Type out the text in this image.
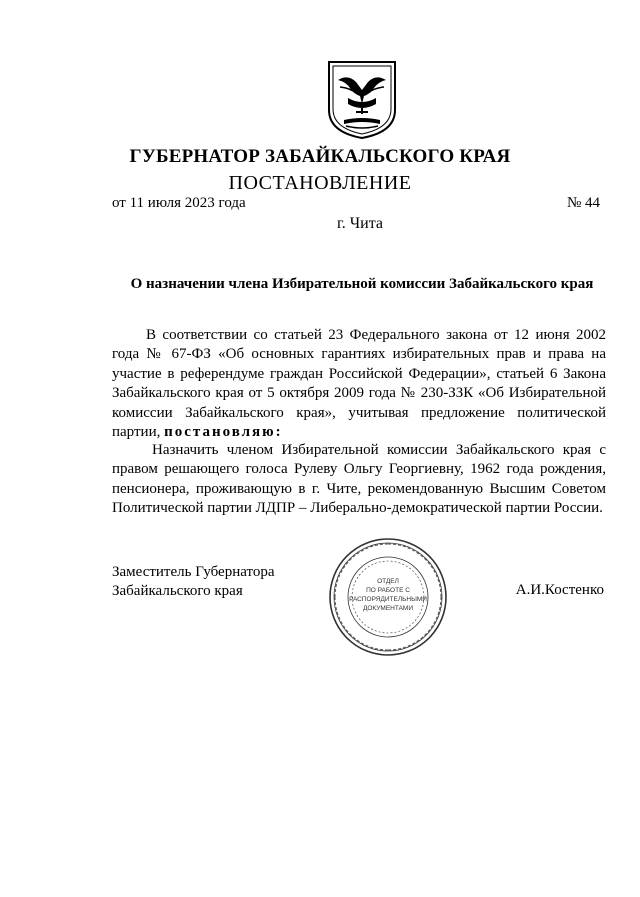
ГУБЕРНАТОР ЗАБАЙКАЛЬСКОГО КРАЯ
ПОСТАНОВЛЕНИЕ
от 11 июля 2023 года	№ 44
г. Чита
О назначении члена Избирательной комиссии Забайкальского края

В соответствии со статьей 23 Федерального закона от 12 июня 2002 года № 67-ФЗ «Об основных гарантиях избирательных прав и права на участие в референдуме граждан Российской Федерации», статьей 6 Закона Забайкальского края от 5 октября 2009 года № 230-ЗЗК «Об Избирательной комиссии Забайкальского края», учитывая предложение политической партии, постановляю:

Назначить членом Избирательной комиссии Забайкальского края с правом решающего голоса Рулеву Ольгу Георгиевну, 1962 года рождения, пенсионера, проживающую в г. Чите, рекомендованную Высшим Советом Политической партии ЛДПР – Либерально-демократической партии России.

Заместитель Губернатора
Забайкальского края	А.И.Костенко
ОТДЕЛ
ПО РАБОТЕ С
РАСПОРЯДИТЕЛЬНЫМИ
ДОКУМЕНТАМИ
